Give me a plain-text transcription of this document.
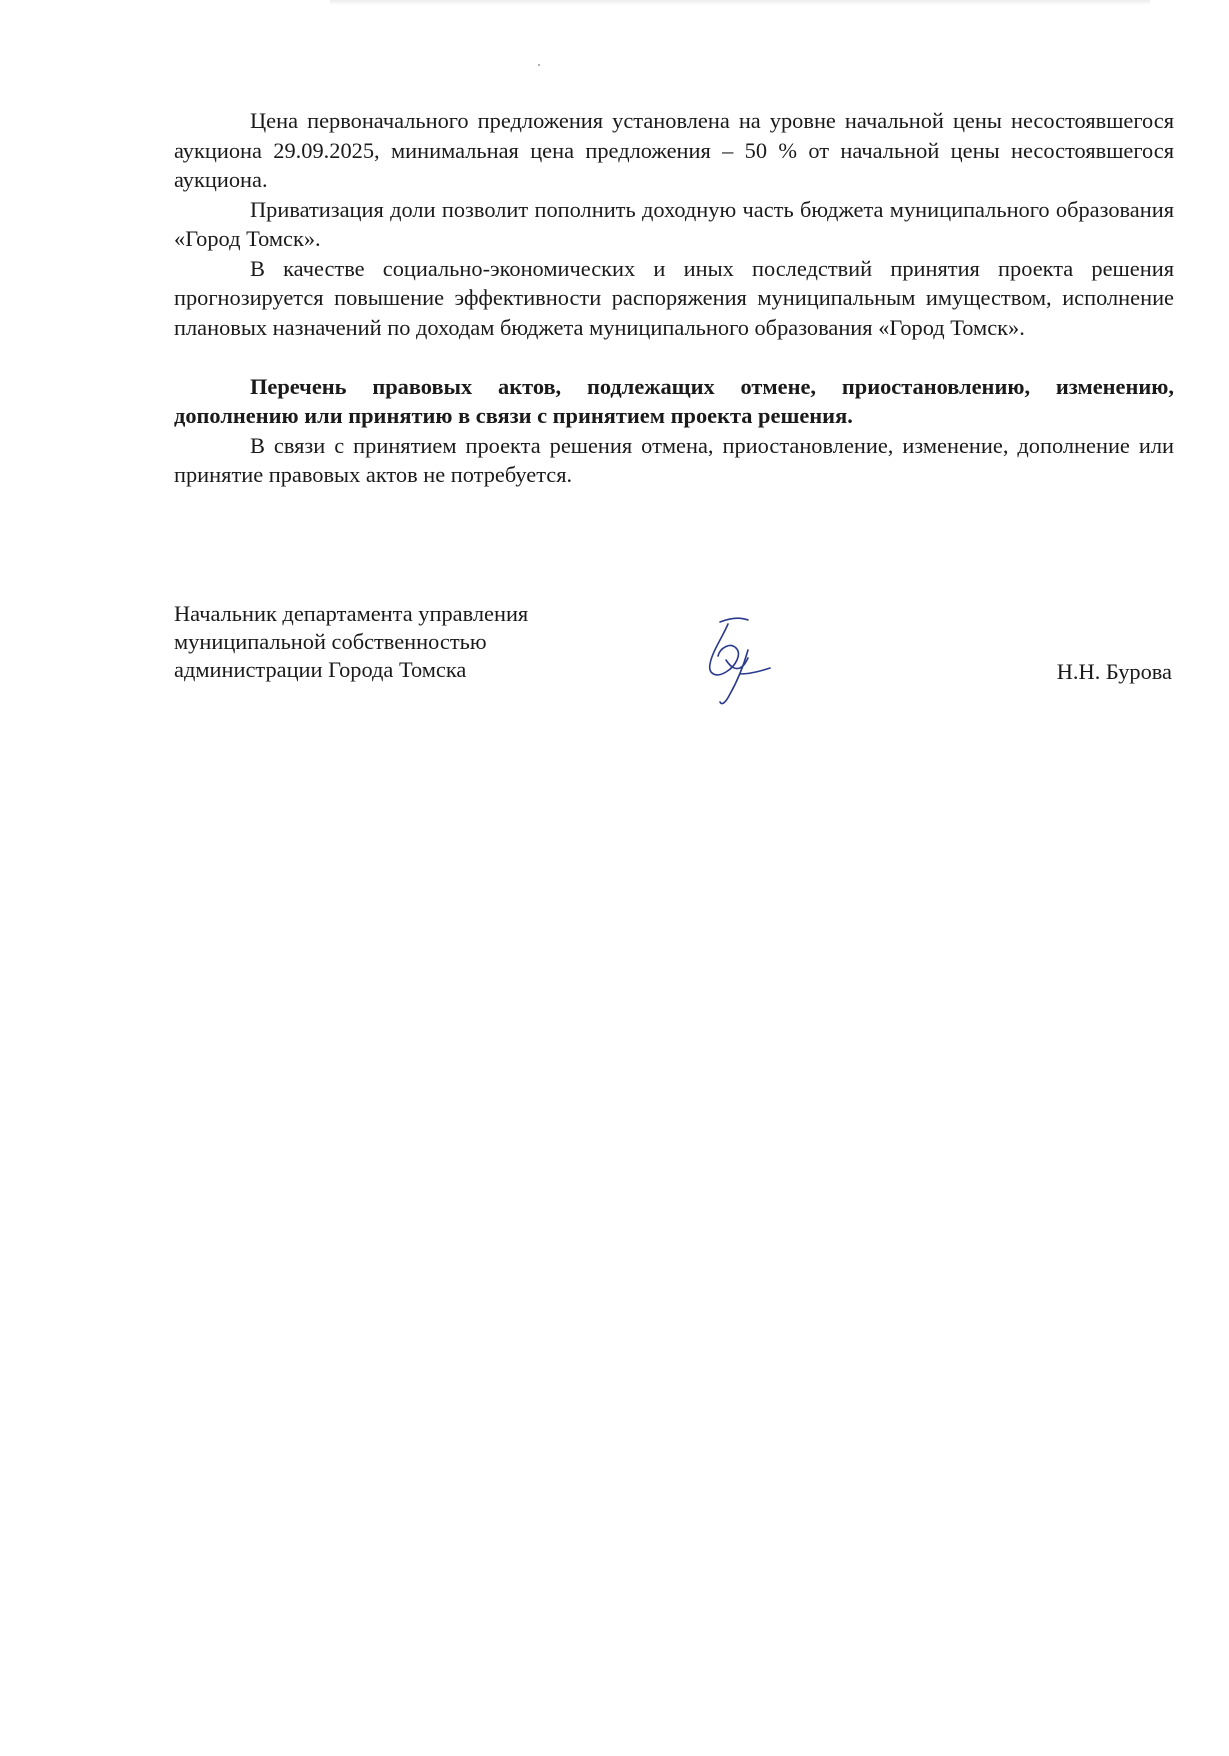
Цена первоначального предложения установлена на уровне начальной цены несостоявшегося аукциона 29.09.2025, минимальная цена предложения – 50 % от начальной цены несостоявшегося аукциона.

Приватизация доли позволит пополнить доходную часть бюджета муниципального образования «Город Томск».

В качестве социально-экономических и иных последствий принятия проекта решения прогнозируется повышение эффективности распоряжения муниципальным имуществом, исполнение плановых назначений по доходам бюджета муниципального образования «Город Томск».

Перечень правовых актов, подлежащих отмене, приостановлению, изменению, дополнению или принятию в связи с принятием проекта решения.

В связи с принятием проекта решения отмена, приостановление, изменение, дополнение или принятие правовых актов не потребуется.

Начальник департамента управления
муниципальной собственностью
администрации Города Томска	Н.Н. Бурова
